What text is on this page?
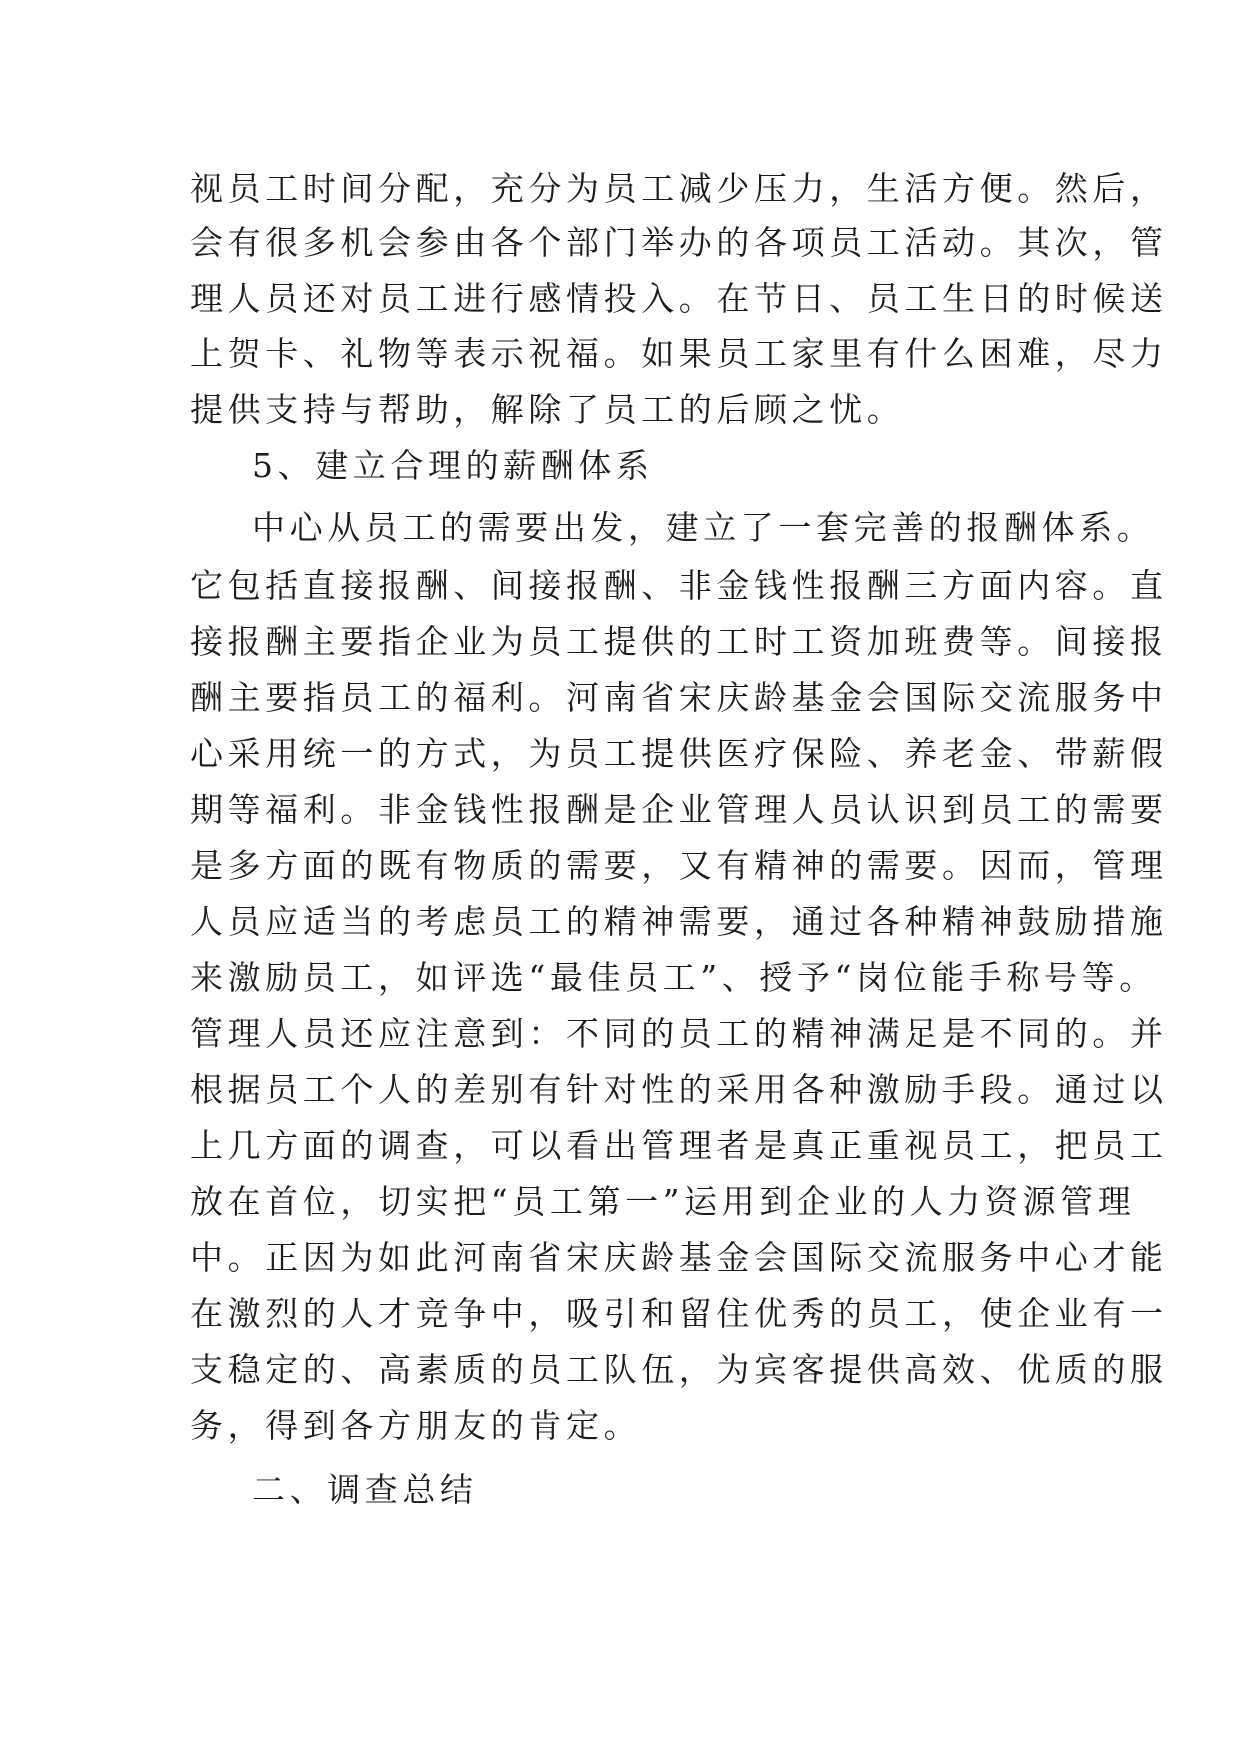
视员工时间分配，充分为员工减少压力，生活方便。然后，
会有很多机会参由各个部门举办的各项员工活动。其次，管
理人员还对员工进行感情投入。在节日、员工生日的时候送
上贺卡、礼物等表示祝福。如果员工家里有什么困难，尽力
提供支持与帮助，解除了员工的后顾之忧。
5、建立合理的薪酬体系
中心从员工的需要出发，建立了一套完善的报酬体系。
它包括直接报酬、间接报酬、非金钱性报酬三方面内容。直
接报酬主要指企业为员工提供的工时工资加班费等。间接报
酬主要指员工的福利。河南省宋庆龄基金会国际交流服务中
心采用统一的方式，为员工提供医疗保险、养老金、带薪假
期等福利。非金钱性报酬是企业管理人员认识到员工的需要
是多方面的既有物质的需要，又有精神的需要。因而，管理
人员应适当的考虑员工的精神需要，通过各种精神鼓励措施
来激励员工，如评选“最佳员工”、授予“岗位能手称号等。
管理人员还应注意到：不同的员工的精神满足是不同的。并
根据员工个人的差别有针对性的采用各种激励手段。通过以
上几方面的调查，可以看出管理者是真正重视员工，把员工
放在首位，切实把“员工第一”运用到企业的人力资源管理
中。正因为如此河南省宋庆龄基金会国际交流服务中心才能
在激烈的人才竞争中，吸引和留住优秀的员工，使企业有一
支稳定的、高素质的员工队伍，为宾客提供高效、优质的服
务，得到各方朋友的肯定。
二、调查总结
